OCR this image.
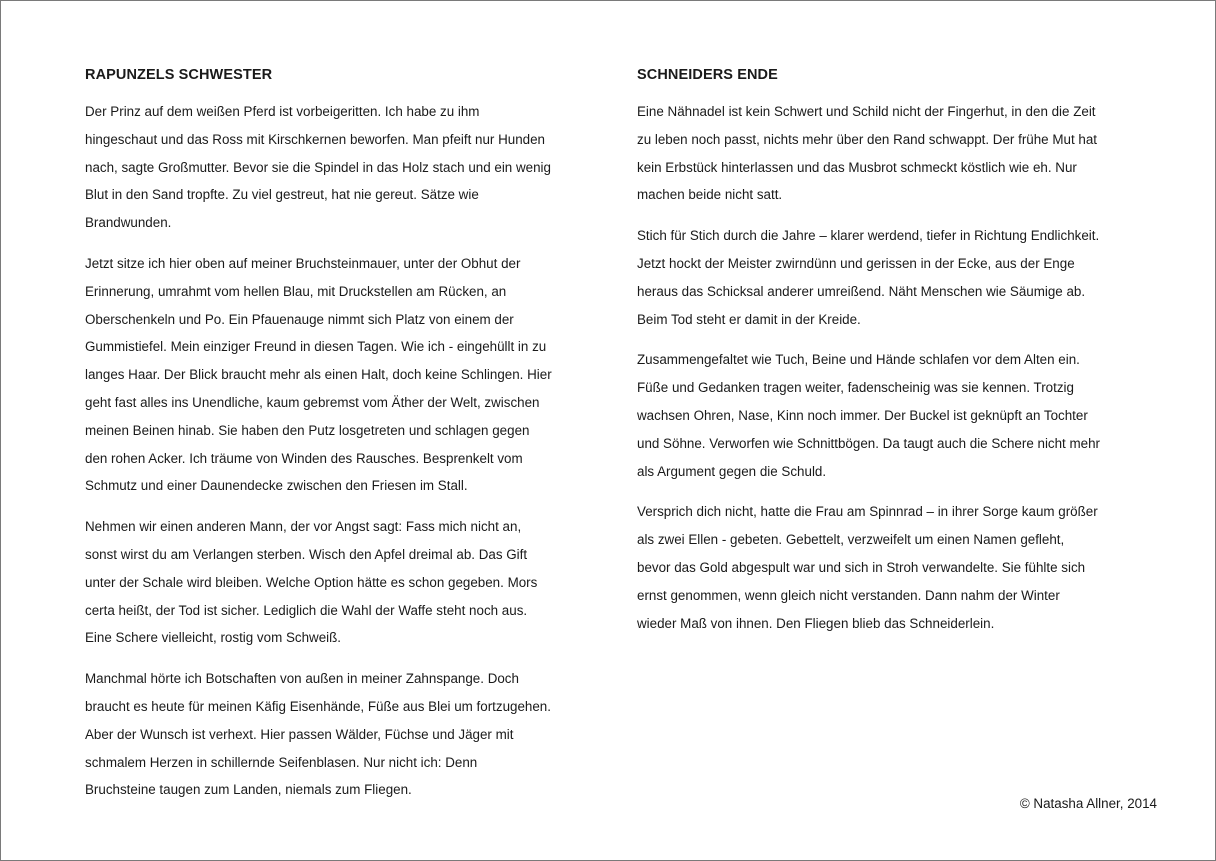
RAPUNZELS SCHWESTER
Der Prinz auf dem weißen Pferd ist vorbeigeritten. Ich habe zu ihm
hingeschaut und das Ross mit Kirschkernen beworfen. Man pfeift nur Hunden
nach, sagte Großmutter. Bevor sie die Spindel in das Holz stach und ein wenig
Blut in den Sand tropfte. Zu viel gestreut, hat nie gereut. Sätze wie
Brandwunden.
Jetzt sitze ich hier oben auf meiner Bruchsteinmauer, unter der Obhut der
Erinnerung, umrahmt vom hellen Blau, mit Druckstellen am Rücken, an
Oberschenkeln und Po. Ein Pfauenauge nimmt sich Platz von einem der
Gummistiefel. Mein einziger Freund in diesen Tagen. Wie ich - eingehüllt in zu
langes Haar. Der Blick braucht mehr als einen Halt, doch keine Schlingen. Hier
geht fast alles ins Unendliche, kaum gebremst vom Äther der Welt, zwischen
meinen Beinen hinab. Sie haben den Putz losgetreten und schlagen gegen
den rohen Acker. Ich träume von Winden des Rausches. Besprenkelt vom
Schmutz und einer Daunendecke zwischen den Friesen im Stall.
Nehmen wir einen anderen Mann, der vor Angst sagt: Fass mich nicht an,
sonst wirst du am Verlangen sterben. Wisch den Apfel dreimal ab. Das Gift
unter der Schale wird bleiben. Welche Option hätte es schon gegeben. Mors
certa heißt, der Tod ist sicher. Lediglich die Wahl der Waffe steht noch aus.
Eine Schere vielleicht, rostig vom Schweiß.
Manchmal hörte ich Botschaften von außen in meiner Zahnspange. Doch
braucht es heute für meinen Käfig Eisenhände, Füße aus Blei um fortzugehen.
Aber der Wunsch ist verhext. Hier passen Wälder, Füchse und Jäger mit
schmalem Herzen in schillernde Seifenblasen. Nur nicht ich: Denn
Bruchsteine taugen zum Landen, niemals zum Fliegen.
SCHNEIDERS ENDE
Eine Nähnadel ist kein Schwert und Schild nicht der Fingerhut, in den die Zeit
zu leben noch passt, nichts mehr über den Rand schwappt. Der frühe Mut hat
kein Erbstück hinterlassen und das Musbrot schmeckt köstlich wie eh. Nur
machen beide nicht satt.
Stich für Stich durch die Jahre – klarer werdend, tiefer in Richtung Endlichkeit.
Jetzt hockt der Meister zwirndünn und gerissen in der Ecke, aus der Enge
heraus das Schicksal anderer umreißend. Näht Menschen wie Säumige ab.
Beim Tod steht er damit in der Kreide.
Zusammengefaltet wie Tuch, Beine und Hände schlafen vor dem Alten ein.
Füße und Gedanken tragen weiter, fadenscheinig was sie kennen. Trotzig
wachsen Ohren, Nase, Kinn noch immer. Der Buckel ist geknüpft an Tochter
und Söhne. Verworfen wie Schnittbögen. Da taugt auch die Schere nicht mehr
als Argument gegen die Schuld.
Versprich dich nicht, hatte die Frau am Spinnrad – in ihrer Sorge kaum größer
als zwei Ellen - gebeten. Gebettelt, verzweifelt um einen Namen gefleht,
bevor das Gold abgespult war und sich in Stroh verwandelte. Sie fühlte sich
ernst genommen, wenn gleich nicht verstanden. Dann nahm der Winter
wieder Maß von ihnen. Den Fliegen blieb das Schneiderlein.
© Natasha Allner, 2014
